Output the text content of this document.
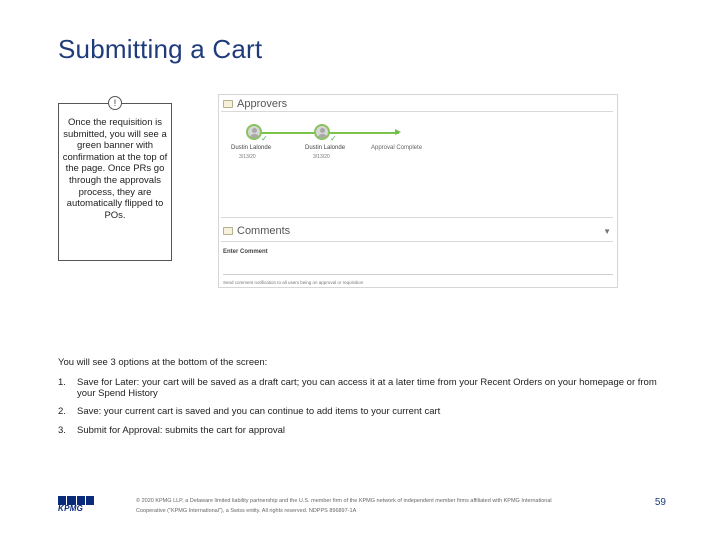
Submitting a Cart
!
Once the requisition is submitted, you will see a green banner with confirmation at the top of the page. Once PRs go through the approvals process, they are automatically flipped to POs.
Approvers
✓
Dustin Lalonde
3/13/20
✓
Dustin Lalonde
3/13/20
Approval Complete
Comments	▼
Enter Comment
Send comment notification to all users being on approval or requisition
You will see 3 options at the bottom of the screen:
1.	Save for Later: your cart will be saved as a draft cart; you can access it at a later time from your Recent Orders on your homepage or from your Spend History
2.	Save: your current cart is saved and you can continue to add items to your current cart
3.	Submit for Approval: submits the cart for approval
KPMG
© 2020 KPMG LLP, a Delaware limited liability partnership and the U.S. member firm of the KPMG network of independent member firms affiliated with KPMG International
Cooperative ("KPMG International"), a Swiss entity. All rights reserved. NDPPS 896897-1A
59
